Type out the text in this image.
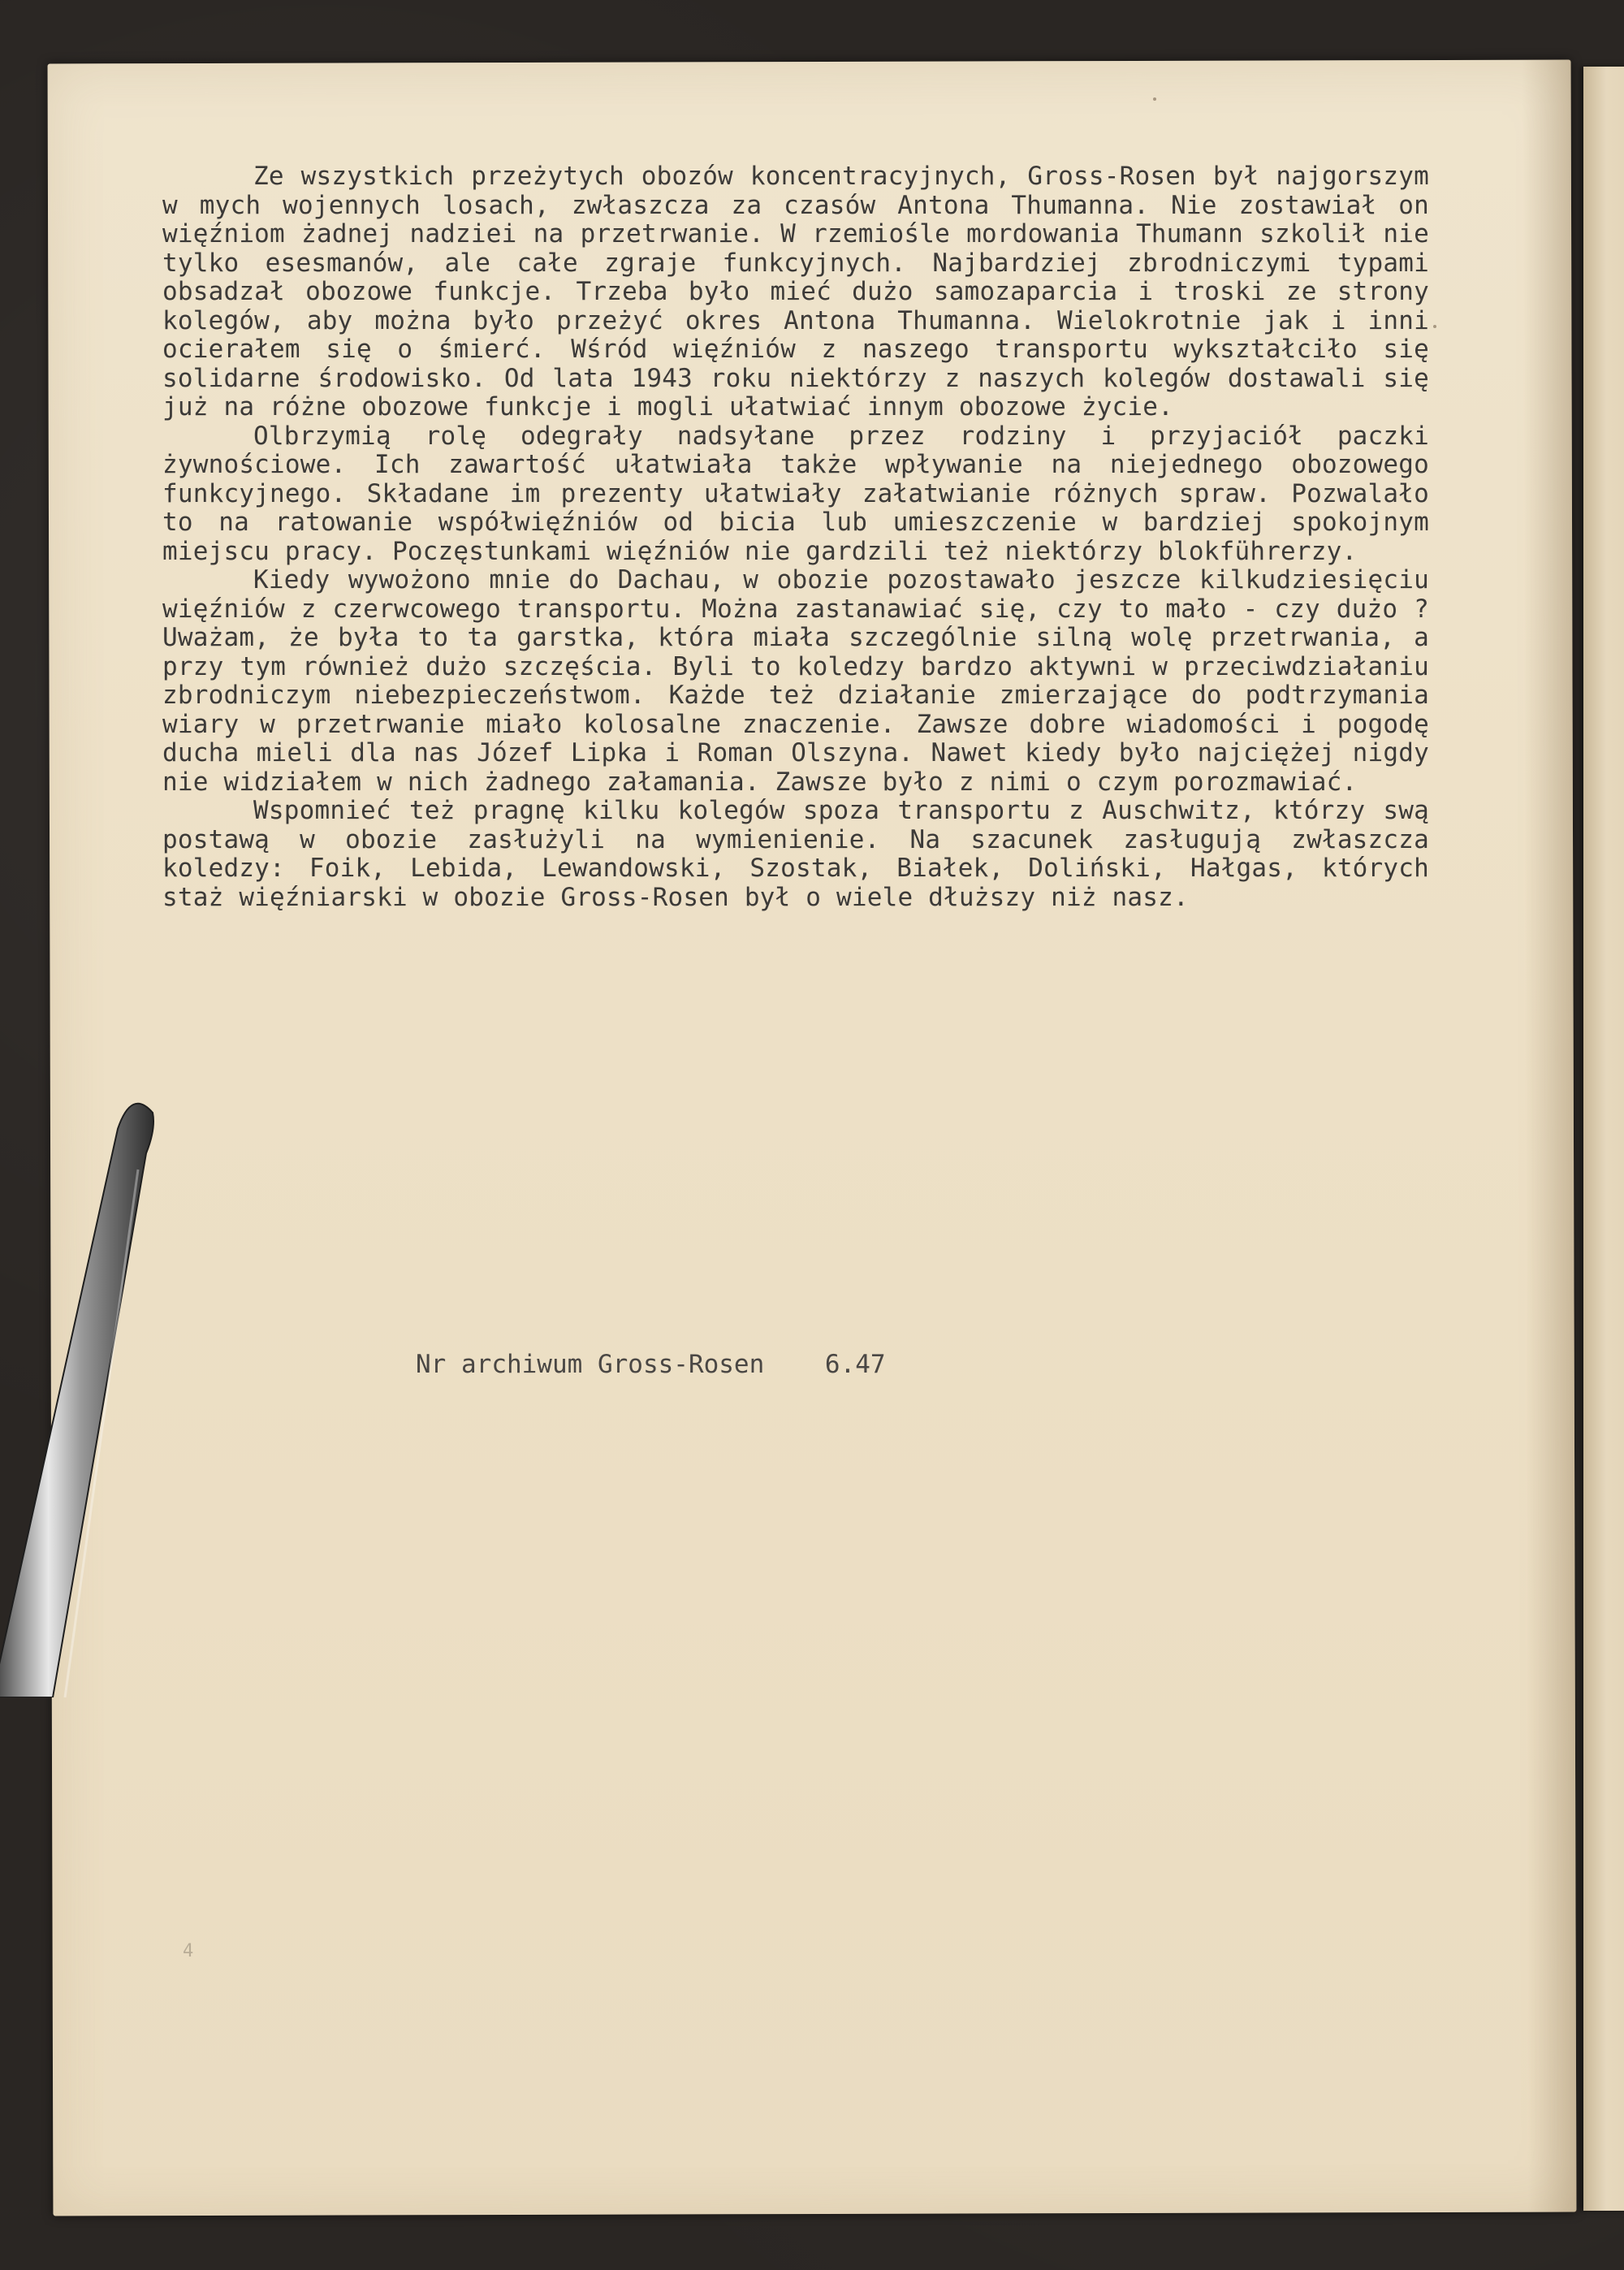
Ze wszystkich przeżytych obozów koncentracyjnych, Gross-Rosen był najgorszym w mych wojennych losach, zwłaszcza za czasów Antona Thumanna. Nie zostawiał on więźniom żadnej nadziei na przetrwanie. W rzemiośle mordowania Thumann szkolił nie tylko esesmanów, ale całe zgraje funkcyjnych. Najbardziej zbrodniczymi typami obsadzał obozowe funkcje. Trzeba było mieć dużo samozaparcia i troski ze strony kolegów, aby można było przeżyć okres Antona Thumanna. Wielokrotnie jak i inni ocierałem się o śmierć. Wśród więźniów z naszego transportu wykształciło się solidarne środowisko. Od lata 1943 roku niektórzy z naszych kolegów dostawali się już na różne obozowe funkcje i mogli ułatwiać innym obozowe życie.

Olbrzymią rolę odegrały nadsyłane przez rodziny i przyjaciół paczki żywnościowe. Ich zawartość ułatwiała także wpływanie na niejednego obozowego funkcyjnego. Składane im prezenty ułatwiały załatwianie różnych spraw. Pozwalało to na ratowanie współwięźniów od bicia lub umieszczenie w bardziej spokojnym miejscu pracy. Poczęstunkami więźniów nie gardzili też niektórzy blokführerzy.

Kiedy wywożono mnie do Dachau, w obozie pozostawało jeszcze kilkudziesięciu więźniów z czerwcowego transportu. Można zastanawiać się, czy to mało - czy dużo ? Uważam, że była to ta garstka, która miała szczególnie silną wolę przetrwania, a przy tym również dużo szczęścia. Byli to koledzy bardzo aktywni w przeciwdziałaniu zbrodniczym niebezpieczeństwom. Każde też działanie zmierzające do podtrzymania wiary w przetrwanie miało kolosalne znaczenie. Zawsze dobre wiadomości i pogodę ducha mieli dla nas Józef Lipka i Roman Olszyna. Nawet kiedy było najciężej nigdy nie widziałem w nich żadnego załamania. Zawsze było z nimi o czym porozmawiać.

Wspomnieć też pragnę kilku kolegów spoza transportu z Auschwitz, którzy swą postawą w obozie zasłużyli na wymienienie. Na szacunek zasługują zwłaszcza koledzy: Foik, Lebida, Lewandowski, Szostak, Białek, Doliński, Hałgas, których staż więźniarski w obozie Gross-Rosen był o wiele dłuższy niż nasz.

Nr archiwum Gross-Rosen 6.47
4
